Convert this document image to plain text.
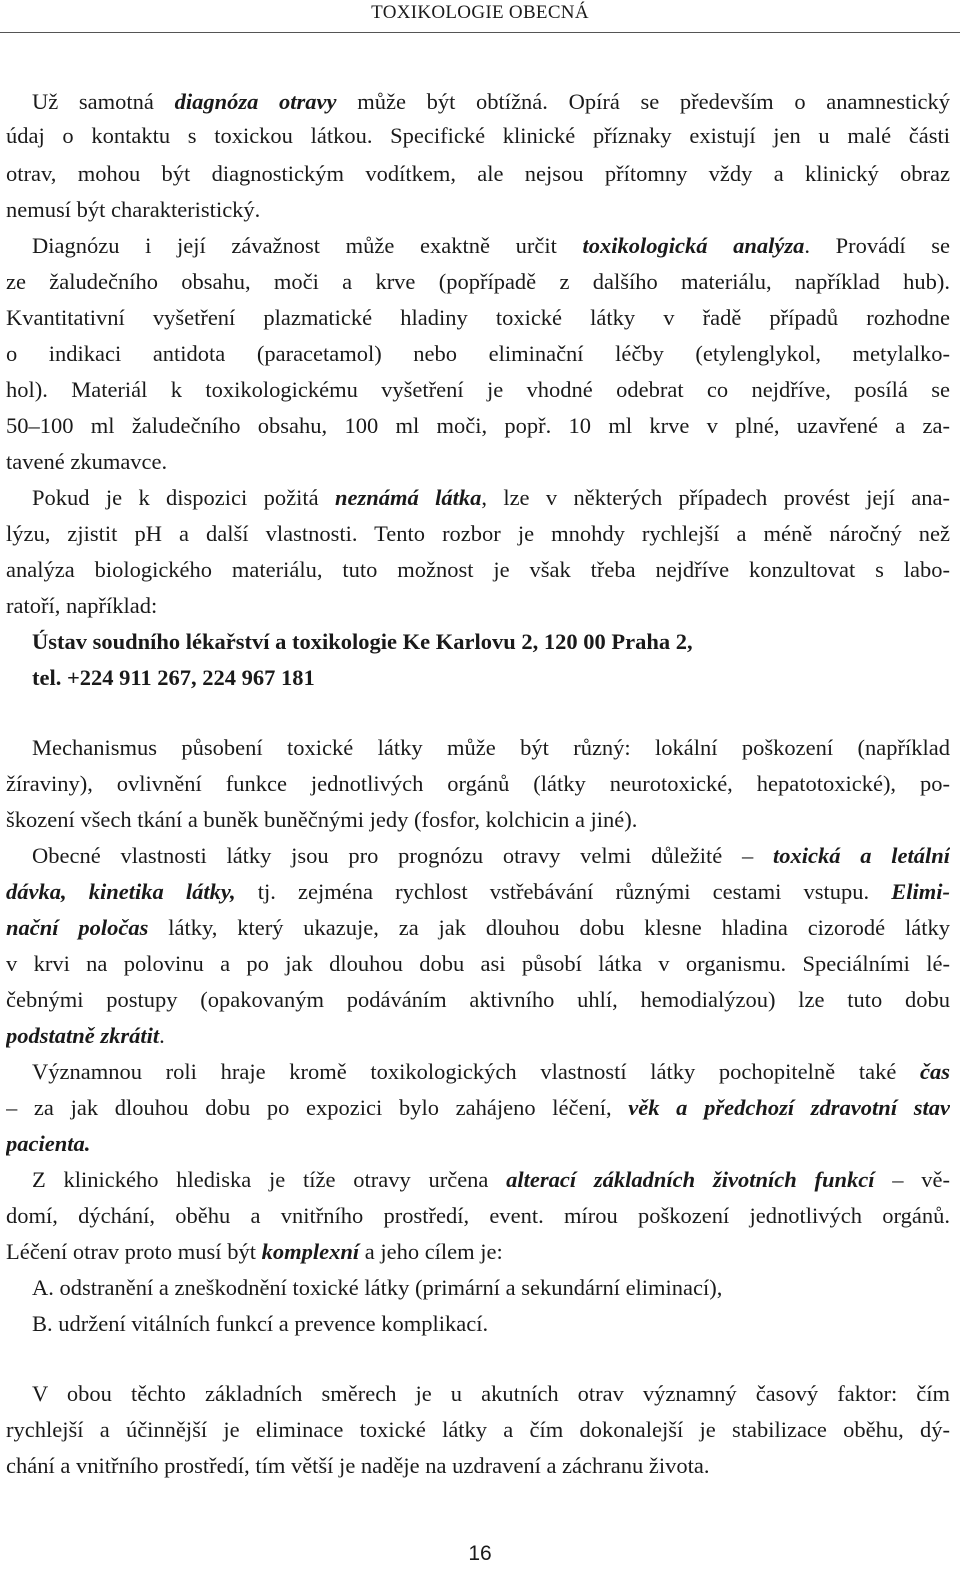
TOXIKOLOGIE OBECNÁ
Už samotná diagnóza otravy může být obtížná. Opírá se především o anamnestický
údaj o kontaktu s toxickou látkou. Specifické klinické příznaky existují jen u malé části
otrav, mohou být diagnostickým vodítkem, ale nejsou přítomny vždy a klinický obraz
nemusí být charakteristický.
Diagnózu i její závažnost může exaktně určit toxikologická analýza. Provádí se
ze žaludečního obsahu, moči a krve (popřípadě z dalšího materiálu, například hub).
Kvantitativní vyšetření plazmatické hladiny toxické látky v řadě případů rozhodne
o indikaci antidota (paracetamol) nebo eliminační léčby (etylenglykol, metylalko-
hol). Materiál k toxikologickému vyšetření je vhodné odebrat co nejdříve, posílá se
50–100 ml žaludečního obsahu, 100 ml moči, popř. 10 ml krve v plné, uzavřené a za-
tavené zkumavce.
Pokud je k dispozici požitá neznámá látka, lze v některých případech provést její ana-
lýzu, zjistit pH a další vlastnosti. Tento rozbor je mnohdy rychlejší a méně náročný než
analýza biologického materiálu, tuto možnost je však třeba nejdříve konzultovat s labo-
ratoří, například:
Ústav soudního lékařství a toxikologie Ke Karlovu 2, 120 00 Praha 2,
tel. +224 911 267, 224 967 181
Mechanismus působení toxické látky může být různý: lokální poškození (například
žíraviny), ovlivnění funkce jednotlivých orgánů (látky neurotoxické, hepatotoxické), po-
škození všech tkání a buněk buněčnými jedy (fosfor, kolchicin a jiné).
Obecné vlastnosti látky jsou pro prognózu otravy velmi důležité – toxická a letální
dávka, kinetika látky, tj. zejména rychlost vstřebávání různými cestami vstupu. Elimi-
nační poločas látky, který ukazuje, za jak dlouhou dobu klesne hladina cizorodé látky
v krvi na polovinu a po jak dlouhou dobu asi působí látka v organismu. Speciálními lé-
čebnými postupy (opakovaným podáváním aktivního uhlí, hemodialýzou) lze tuto dobu
podstatně zkrátit.
Významnou roli hraje kromě toxikologických vlastností látky pochopitelně také čas
– za jak dlouhou dobu po expozici bylo zahájeno léčení, věk a předchozí zdravotní stav
pacienta.
Z klinického hlediska je tíže otravy určena alterací základních životních funkcí – vě-
domí, dýchání, oběhu a vnitřního prostředí, event. mírou poškození jednotlivých orgánů.
Léčení otrav proto musí být komplexní a jeho cílem je:
A. odstranění a zneškodnění toxické látky (primární a sekundární eliminací),
B. udržení vitálních funkcí a prevence komplikací.
V obou těchto základních směrech je u akutních otrav významný časový faktor: čím
rychlejší a účinnější je eliminace toxické látky a čím dokonalejší je stabilizace oběhu, dý-
chání a vnitřního prostředí, tím větší je naděje na uzdravení a záchranu života.
16
